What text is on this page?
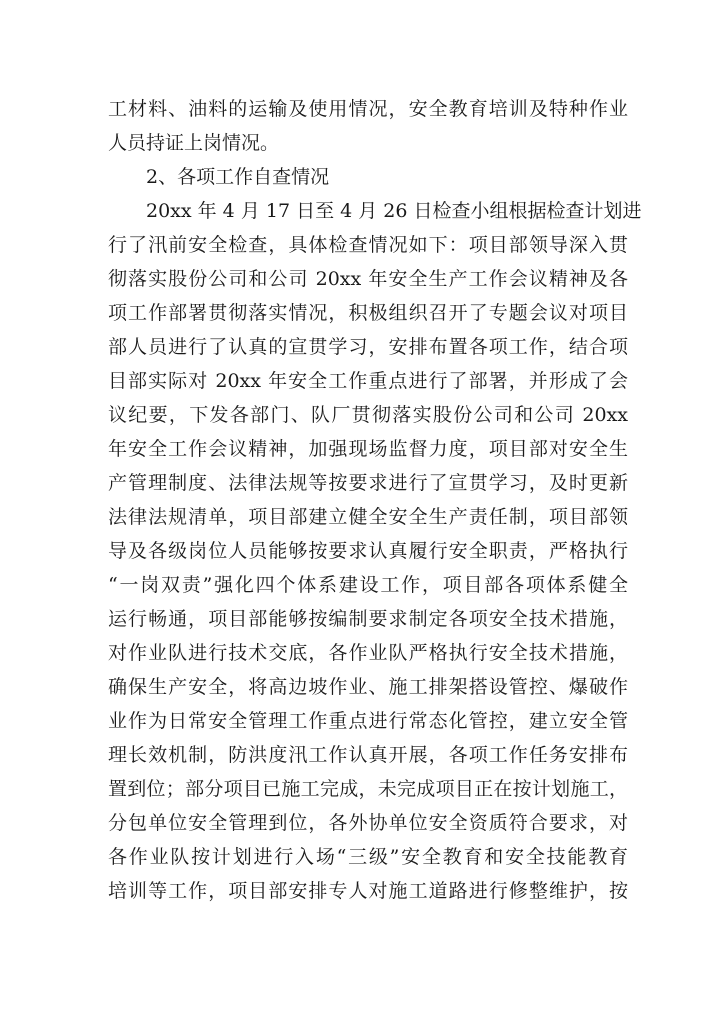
工材料、油料的运输及使用情况，安全教育培训及特种作业
人员持证上岗情况。
2、各项工作自查情况
20xx 年 4 月 17 日至 4 月 26 日检查小组根据检查计划进
行了汛前安全检查，具体检查情况如下：项目部领导深入贯
彻落实股份公司和公司 20xx 年安全生产工作会议精神及各
项工作部署贯彻落实情况，积极组织召开了专题会议对项目
部人员进行了认真的宣贯学习，安排布置各项工作，结合项
目部实际对 20xx 年安全工作重点进行了部署，并形成了会
议纪要，下发各部门、队厂贯彻落实股份公司和公司 20xx
年安全工作会议精神，加强现场监督力度，项目部对安全生
产管理制度、法律法规等按要求进行了宣贯学习，及时更新
法律法规清单，项目部建立健全安全生产责任制，项目部领
导及各级岗位人员能够按要求认真履行安全职责，严格执行
“一岗双责”强化四个体系建设工作，项目部各项体系健全
运行畅通，项目部能够按编制要求制定各项安全技术措施，
对作业队进行技术交底，各作业队严格执行安全技术措施，
确保生产安全，将高边坡作业、施工排架搭设管控、爆破作
业作为日常安全管理工作重点进行常态化管控，建立安全管
理长效机制，防洪度汛工作认真开展，各项工作任务安排布
置到位；部分项目已施工完成，未完成项目正在按计划施工，
分包单位安全管理到位，各外协单位安全资质符合要求，对
各作业队按计划进行入场“三级”安全教育和安全技能教育
培训等工作，项目部安排专人对施工道路进行修整维护，按
